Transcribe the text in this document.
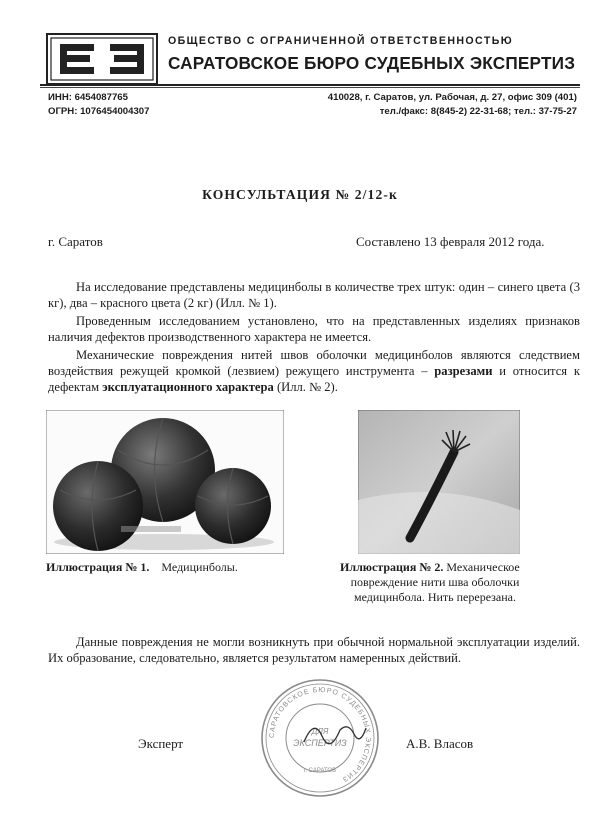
ОБЩЕСТВО С ОГРАНИЧЕННОЙ ОТВЕТСТВЕННОСТЬЮ
САРАТОВСКОЕ БЮРО СУДЕБНЫХ ЭКСПЕРТИЗ
ИНН: 6454087765
ОГРН: 1076454004307
410028, г. Саратов, ул. Рабочая, д. 27, офис 309 (401)
тел./факс: 8(845-2) 22-31-68; тел.: 37-75-27
КОНСУЛЬТАЦИЯ № 2/12-к
г. Саратов	Составлено 13 февраля 2012 года.
На исследование представлены медицинболы в количестве трех штук: один – синего цвета (3 кг), два – красного цвета (2 кг) (Илл. № 1).
Проведенным исследованием установлено, что на представленных изделиях признаков наличия дефектов производственного характера не имеется.
Механические повреждения нитей швов оболочки медицинболов являются следствием воздействия режущей кромкой (лезвием) режущего инструмента – разрезами и относится к дефектам эксплуатационного характера (Илл. № 2).
Иллюстрация № 1. Медицинболы.	Иллюстрация № 2. Механическое
повреждение нити шва оболочки
медицинбола. Нить перерезана.
Данные повреждения не могли возникнуть при обычной нормальной эксплуатации изделий. Их образование, следовательно, является результатом намеренных действий.
САРАТОВСКОЕ БЮРО СУДЕБНЫХ ЭКСПЕРТИЗ
ДЛЯ
ЭКСПЕРТИЗ
г. САРАТОВ
Эксперт	А.В. Власов
